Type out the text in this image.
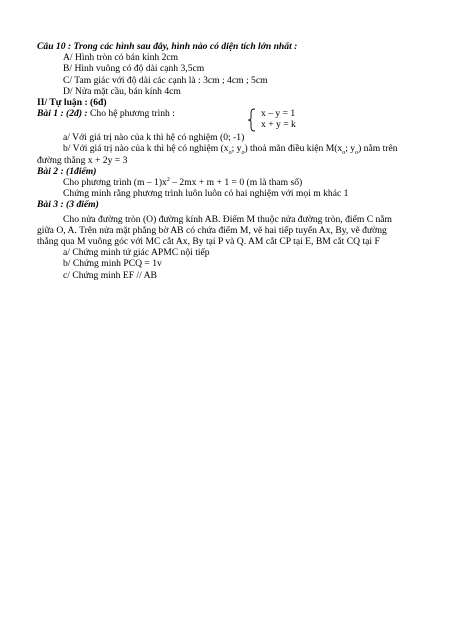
Câu 10 : Trong các hình sau đây, hình nào có diện tích lớn nhất :
A/ Hình tròn có bán kính 2cm
B/ Hình vuông có độ dài cạnh 3,5cm
C/ Tam giác với độ dài các cạnh là : 3cm ; 4cm ; 5cm
D/ Nửa mặt cầu, bán kính 4cm
II/ Tự luận : (6đ)
Bài 1 : (2đ) : Cho hệ phương trình :	x – y = 1
x + y = k
a/ Với giá trị nào của k thì hệ có nghiệm (0; -1)
b/ Với giá trị nào của k thì hệ có nghiệm ($x_o$; $y_o$) thoả mãn điều kiện $M(x_o$; $y_o$) nằm trên
đường thẳng x + 2y = 3
Bài 2 : (1điểm)
Cho phương trình $(m - 1)x^2 - 2mx + m + 1 = 0$ (m là tham số)
Chứng minh rằng phương trình luôn luôn có hai nghiệm với mọi m khác 1
Bài 3 : (3 điểm)
Cho nửa đường tròn (O) đường kính AB. Điểm M thuộc nửa đường tròn, điểm C nằm
giữa O, A. Trên nửa mặt phẳng bờ AB có chứa điểm M, vẽ hai tiếp tuyến Ax, By, vẽ đường
thẳng qua M vuông góc với MC cắt Ax, By tại P và Q. AM cắt CP tại E, BM cắt CQ tại F
a/ Chứng minh tứ giác APMC nội tiếp
b/ Chứng minh PCQ = 1v
c/ Chứng minh EF // AB
